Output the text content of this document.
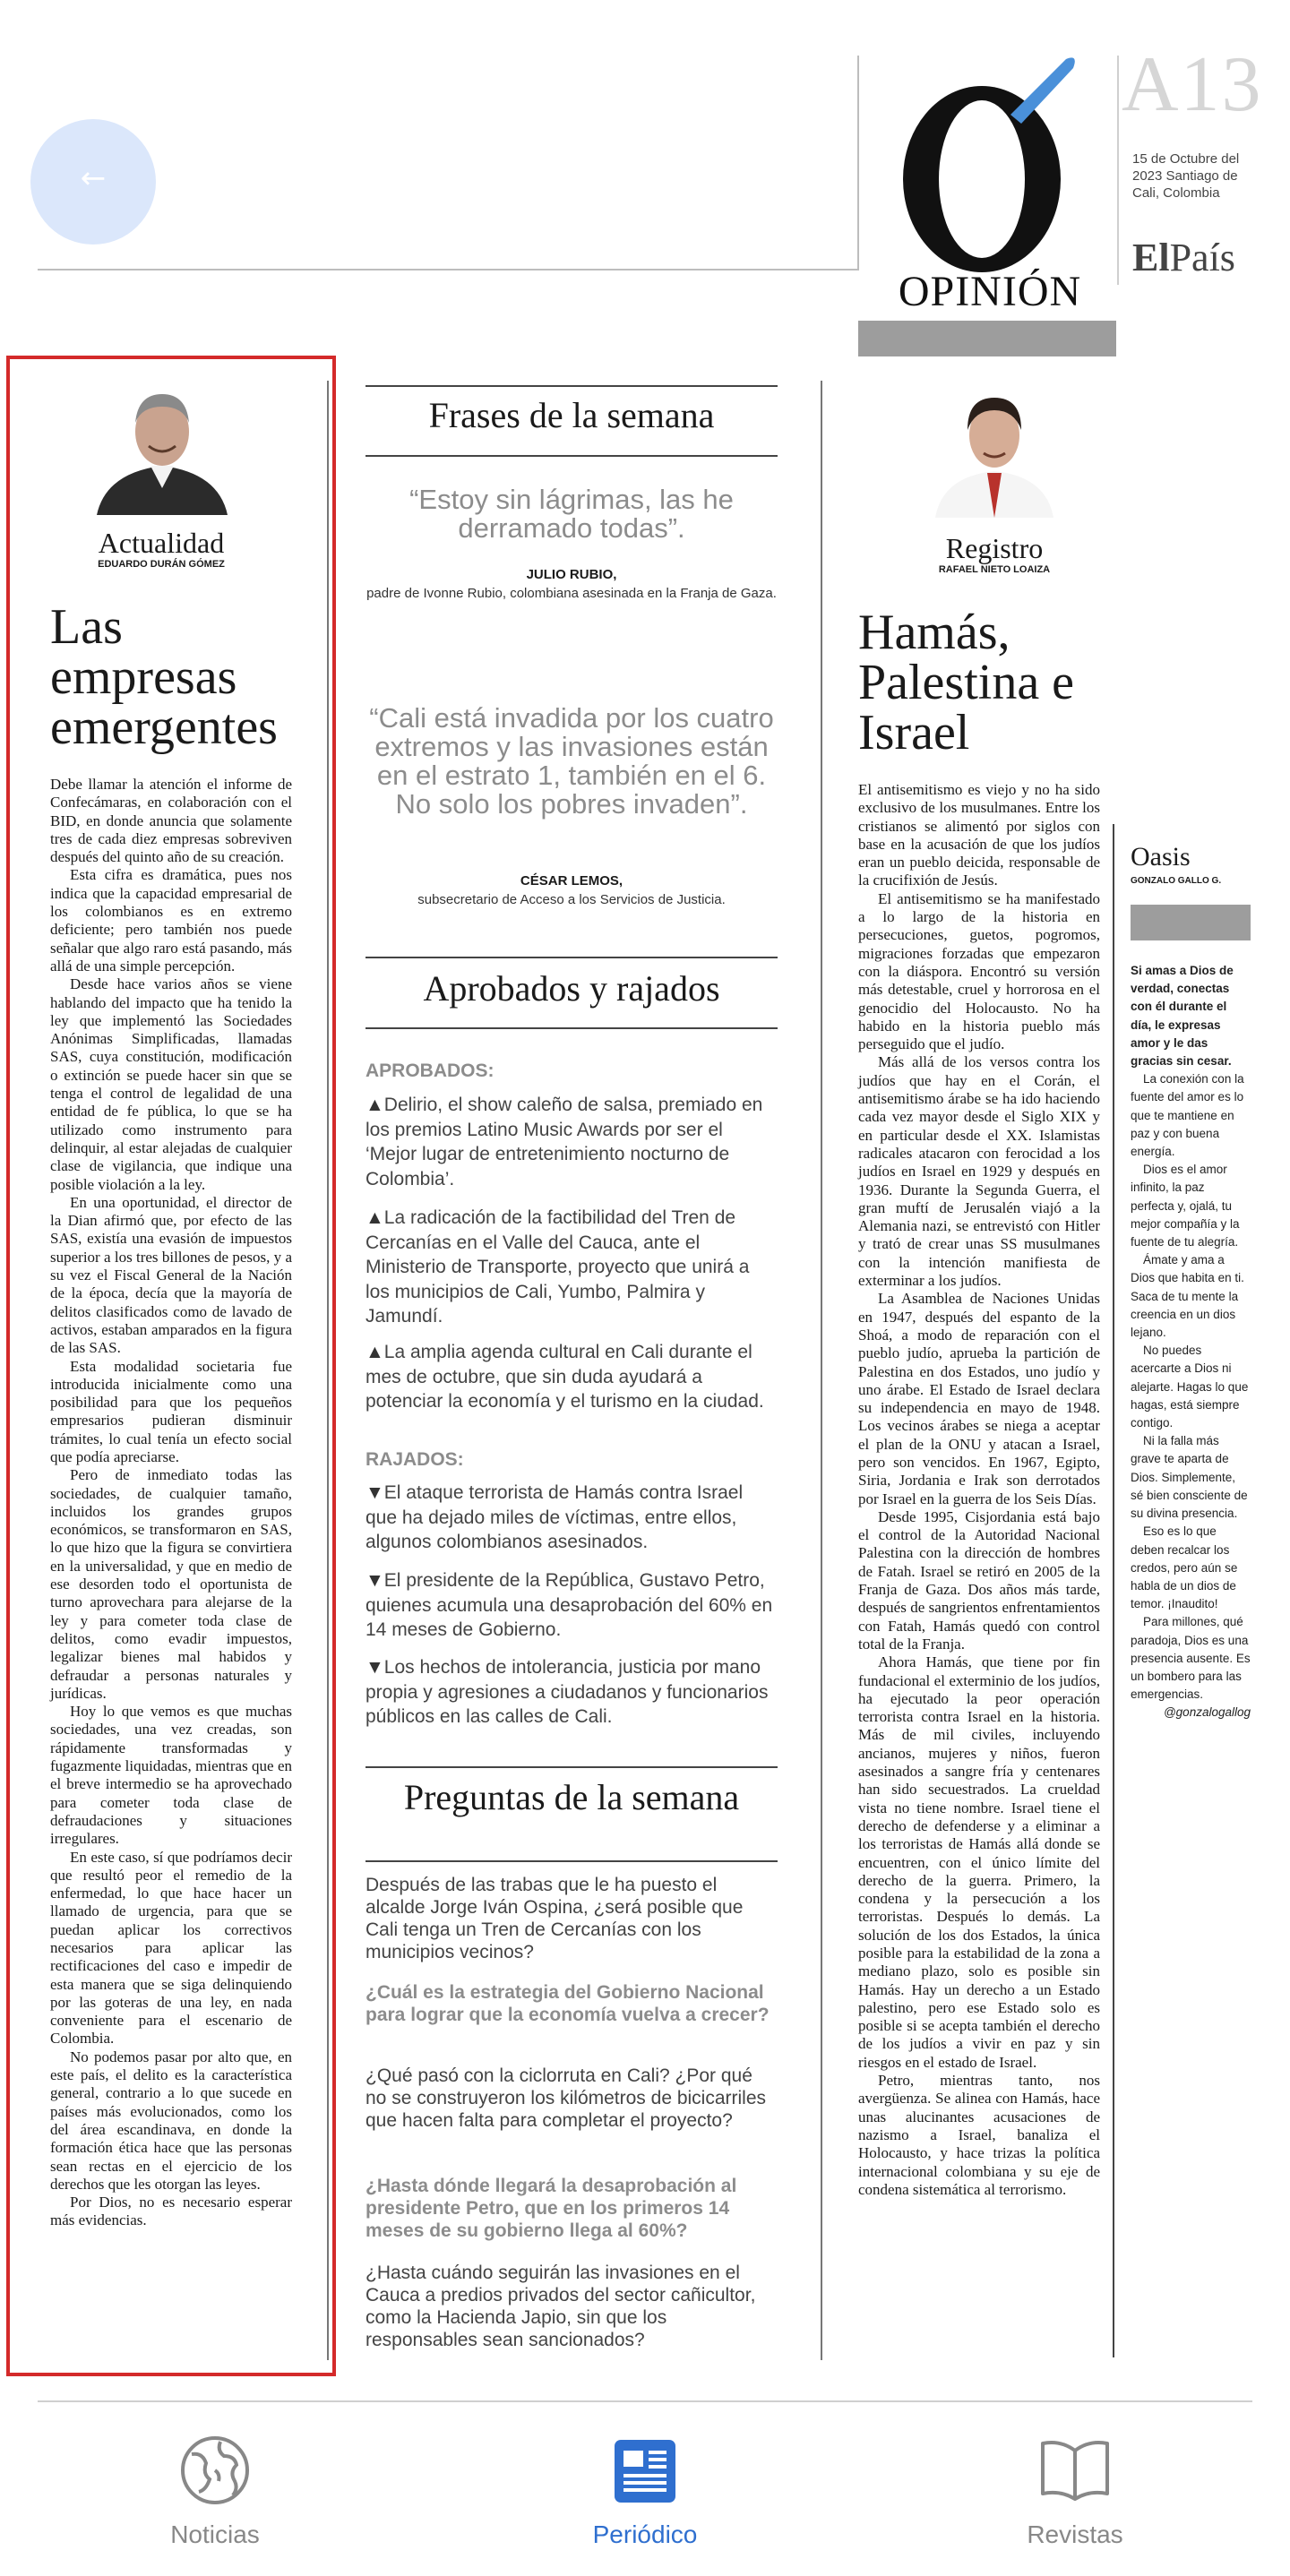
←
OPINIÓN
A13
15 de Octubre del 2023 Santiago de Cali, Colombia
ElPaís
Actualidad
EDUARDO DURÁN GÓMEZ
Las empresas emergentes

Debe llamar la atención el informe de Confecámaras, en colaboración con el BID, en donde anuncia que solamente tres de cada diez empresas sobreviven después del quinto año de su creación.

Esta cifra es dramática, pues nos indica que la capacidad empresarial de los colombianos es en extremo deficiente; pero también nos puede señalar que algo raro está pasando, más allá de una simple percepción.

Desde hace varios años se viene hablando del impacto que ha tenido la ley que implementó las Sociedades Anónimas Simplificadas, llamadas SAS, cuya constitución, modificación o extinción se puede hacer sin que se tenga el control de legalidad de una entidad de fe pública, lo que se ha utilizado como instrumento para delinquir, al estar alejadas de cualquier clase de vigilancia, que indique una posible violación a la ley.

En una oportunidad, el director de la Dian afirmó que, por efecto de las SAS, existía una evasión de impuestos superior a los tres billones de pesos, y a su vez el Fiscal General de la Nación de la época, decía que la mayoría de delitos clasificados como de lavado de activos, estaban amparados en la figura de las SAS.

Esta modalidad societaria fue introducida inicialmente como una posibilidad para que los pequeños empresarios pudieran disminuir trámites, lo cual tenía un efecto social que podía apreciarse.

Pero de inmediato todas las sociedades, de cualquier tamaño, incluidos los grandes grupos económicos, se transformaron en SAS, lo que hizo que la figura se convirtiera en la universalidad, y que en medio de ese desorden todo el oportunista de turno aprovechara para alejarse de la ley y para cometer toda clase de delitos, como evadir impuestos, legalizar bienes mal habidos y defraudar a personas naturales y jurídicas.

Hoy lo que vemos es que muchas sociedades, una vez creadas, son rápidamente transformadas y fugazmente liquidadas, mientras que en el breve intermedio se ha aprovechado para cometer toda clase de defraudaciones y situaciones irregulares.

En este caso, sí que podríamos decir que resultó peor el remedio de la enfermedad, lo que hace hacer un llamado de urgencia, para que se puedan aplicar los correctivos necesarios para aplicar las rectificaciones del caso e impedir de esta manera que se siga delinquiendo por las goteras de una ley, en nada conveniente para el escenario de Colombia.

No podemos pasar por alto que, en este país, el delito es la característica general, contrario a lo que sucede en países más evolucionados, como los del área escandinava, en donde la formación ética hace que las personas sean rectas en el ejercicio de los derechos que les otorgan las leyes.

Por Dios, no es necesario esperar más evidencias.

Frases de la semana
“Estoy sin lágrimas, las he derramado todas”.
JULIO RUBIO,
padre de Ivonne Rubio, colombiana asesinada en la Franja de Gaza.
“Cali está invadida por los cuatro extremos y las invasiones están en el estrato 1, también en el 6. No solo los pobres invaden”.
CÉSAR LEMOS,
subsecretario de Acceso a los Servicios de Justicia.
Aprobados y rajados
APROBADOS:
▲Delirio, el show caleño de salsa, premiado en los premios Latino Music Awards por ser el ‘Mejor lugar de entretenimiento nocturno de Colombia’.
▲La radicación de la factibilidad del Tren de Cercanías en el Valle del Cauca, ante el Ministerio de Transporte, proyecto que unirá a los municipios de Cali, Yumbo, Palmira y Jamundí.
▲La amplia agenda cultural en Cali durante el mes de octubre, que sin duda ayudará a potenciar la economía y el turismo en la ciudad.
RAJADOS:
▼El ataque terrorista de Hamás contra Israel que ha dejado miles de víctimas, entre ellos, algunos colombianos asesinados.
▼El presidente de la República, Gustavo Petro, quienes acumula una desaprobación del 60% en 14 meses de Gobierno.
▼Los hechos de intolerancia, justicia por mano propia y agresiones a ciudadanos y funcionarios públicos en las calles de Cali.
Preguntas de la semana
Después de las trabas que le ha puesto el alcalde Jorge Iván Ospina, ¿será posible que Cali tenga un Tren de Cercanías con los municipios vecinos?
¿Cuál es la estrategia del Gobierno Nacional para lograr que la economía vuelva a crecer?
¿Qué pasó con la ciclorruta en Cali? ¿Por qué no se construyeron los kilómetros de bicicarriles que hacen falta para completar el proyecto?
¿Hasta dónde llegará la desaprobación al presidente Petro, que en los primeros 14 meses de su gobierno llega al 60%?
¿Hasta cuándo seguirán las invasiones en el Cauca a predios privados del sector cañicultor, como la Hacienda Japio, sin que los responsables sean sancionados?
Registro
RAFAEL NIETO LOAIZA
Hamás, Palestina e Israel

El antisemitismo es viejo y no ha sido exclusivo de los musulmanes. Entre los cristianos se alimentó por siglos con base en la acusación de que los judíos eran un pueblo deicida, responsable de la crucifixión de Jesús.

El antisemitismo se ha manifestado a lo largo de la historia en persecuciones, guetos, pogromos, migraciones forzadas que empezaron con la diáspora. Encontró su versión más detestable, cruel y horrorosa en el genocidio del Holocausto. No ha habido en la historia pueblo más perseguido que el judío.

Más allá de los versos contra los judíos que hay en el Corán, el antisemitismo árabe se ha ido haciendo cada vez mayor desde el Siglo XIX y en particular desde el XX. Islamistas radicales atacaron con ferocidad a los judíos en Israel en 1929 y después en 1936. Durante la Segunda Guerra, el gran muftí de Jerusalén viajó a la Alemania nazi, se entrevistó con Hitler y trató de crear unas SS musulmanes con la intención manifiesta de exterminar a los judíos.

La Asamblea de Naciones Unidas en 1947, después del espanto de la Shoá, a modo de reparación con el pueblo judío, aprueba la partición de Palestina en dos Estados, uno judío y uno árabe. El Estado de Israel declara su independencia en mayo de 1948. Los vecinos árabes se niega a aceptar el plan de la ONU y atacan a Israel, pero son vencidos. En 1967, Egipto, Siria, Jordania e Irak son derrotados por Israel en la guerra de los Seis Días.

Desde 1995, Cisjordania está bajo el control de la Autoridad Nacional Palestina con la dirección de hombres de Fatah. Israel se retiró en 2005 de la Franja de Gaza. Dos años más tarde, después de sangrientos enfrentamientos con Fatah, Hamás quedó con control total de la Franja.

Ahora Hamás, que tiene por fin fundacional el exterminio de los judíos, ha ejecutado la peor operación terrorista contra Israel en la historia. Más de mil civiles, incluyendo ancianos, mujeres y niños, fueron asesinados a sangre fría y centenares han sido secuestrados. La crueldad vista no tiene nombre. Israel tiene el derecho de defenderse y a eliminar a los terroristas de Hamás allá donde se encuentren, con el único límite del derecho de la guerra. Primero, la condena y la persecución a los terroristas. Después lo demás. La solución de los dos Estados, la única posible para la estabilidad de la zona a mediano plazo, solo es posible sin Hamás. Hay un derecho a un Estado palestino, pero ese Estado solo es posible si se acepta también el derecho de los judíos a vivir en paz y sin riesgos en el estado de Israel.

Petro, mientras tanto, nos avergüenza. Se alinea con Hamás, hace unas alucinantes acusaciones de nazismo a Israel, banaliza el Holocausto, y hace trizas la política internacional colombiana y su eje de condena sistemática al terrorismo.

Oasis
GONZALO GALLO G.

Si amas a Dios de verdad, conectas con él durante el día, le expresas amor y le das gracias sin cesar.

La conexión con la fuente del amor es lo que te mantiene en paz y con buena energía.

Dios es el amor infinito, la paz perfecta y, ojalá, tu mejor compañía y la fuente de tu alegría.

Ámate y ama a Dios que habita en ti. Saca de tu mente la creencia en un dios lejano.

No puedes acercarte a Dios ni alejarte. Hagas lo que hagas, está siempre contigo.

Ni la falla más grave te aparta de Dios. Simplemente, sé bien consciente de su divina presencia.

Eso es lo que deben recalcar los credos, pero aún se habla de un dios de temor. ¡Inaudito!

Para millones, qué paradoja, Dios es una presencia ausente. Es un bombero para las emergencias.

@gonzalogallog

Noticias	Periódico	Revistas
